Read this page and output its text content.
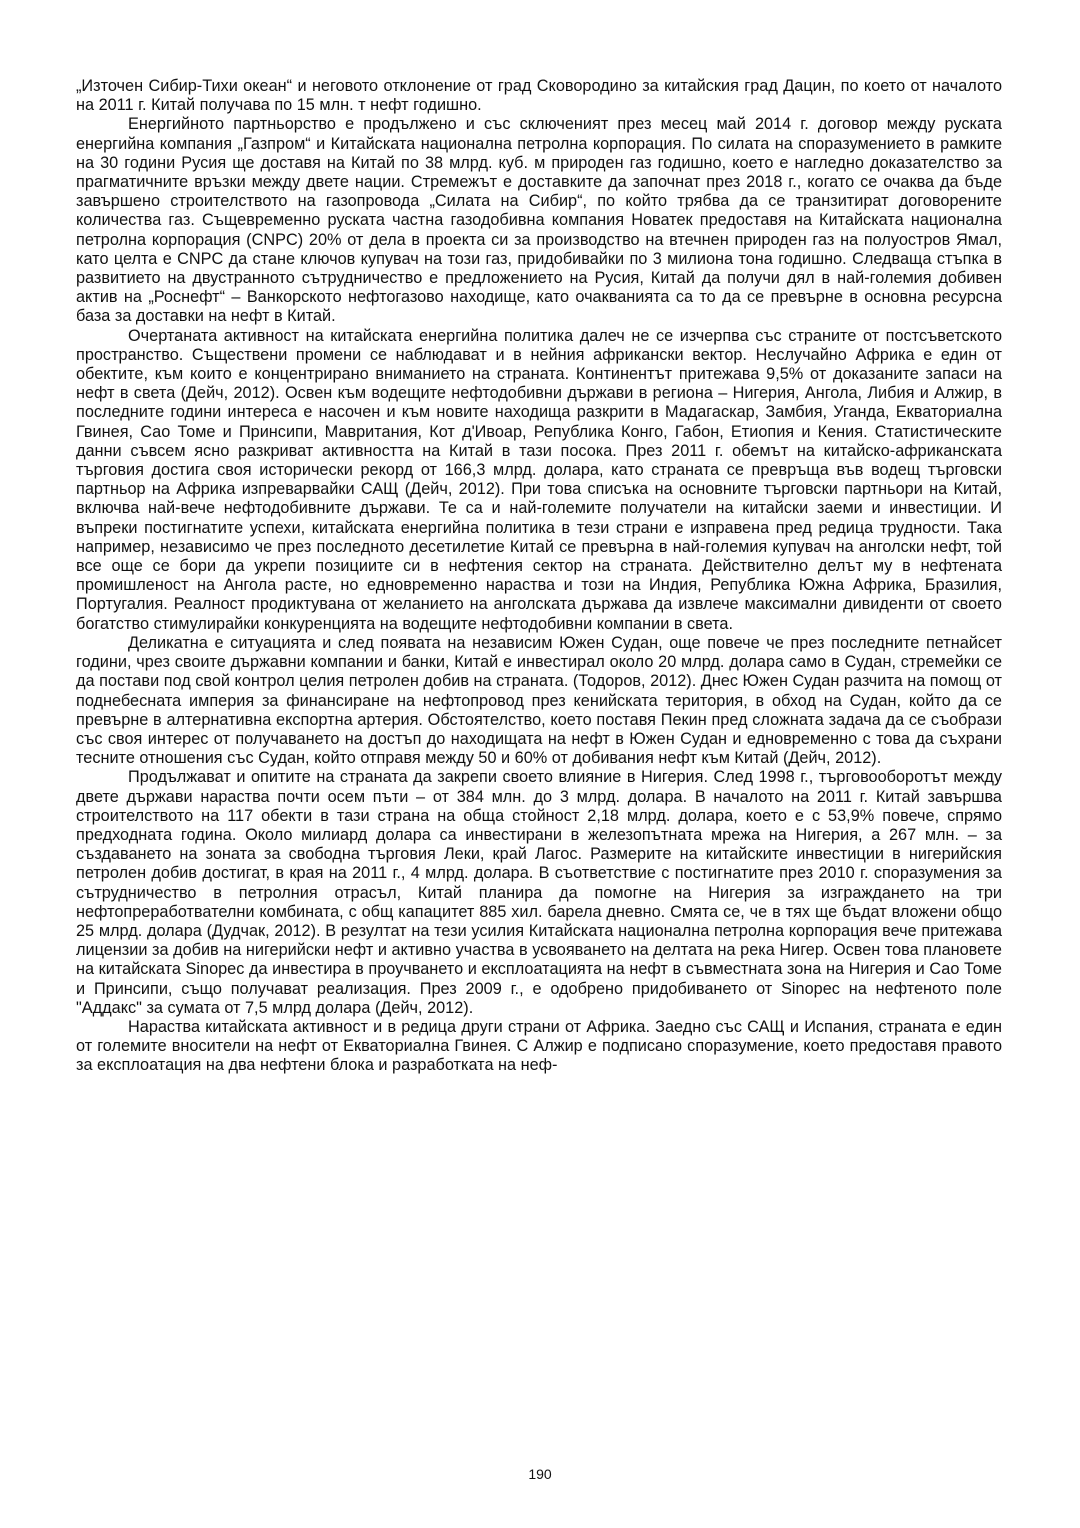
„Източен Сибир-Тихи океан“ и неговото отклонение от град Сковородино за китайския град Дацин, по което от началото на 2011 г. Китай получава по 15 млн. т нефт годишно.

Енергийното партньорство е продължено и със сключеният през месец май 2014 г. договор между руската енергийна компания „Газпром“ и Китайската национална петролна корпорация. По силата на споразумението в рамките на 30 години Русия ще доставя на Китай по 38 млрд. куб. м природен газ годишно, което е нагледно доказателство за прагматичните връзки между двете нации. Стремежът е доставките да започнат през 2018 г., когато се очаква да бъде завършено строителството на газопровода „Силата на Сибир“, по който трябва да се транзитират договорените количества газ. Същевременно руската частна газодобивна компания Новатек предоставя на Китайската национална петролна корпорация (CNPC) 20% от дела в проекта си за производство на втечнен природен газ на полуостров Ямал, като целта е CNPC да стане ключов купувач на този газ, придобивайки по 3 милиона тона годишно. Следваща стъпка в развитието на двустранното сътрудничество е предложението на Русия, Китай да получи дял в най-големия добивен актив на „Роснефт“ – Ванкорското нефтогазово находище, като очакванията са то да се превърне в основна ресурсна база за доставки на нефт в Китай.

Очертаната активност на китайската енергийна политика далеч не се изчерпва със страните от постсъветското пространство. Съществени промени се наблюдават и в нейния африкански вектор. Неслучайно Африка е един от обектите, към които е концентрирано вниманието на страната. Континентът притежава 9,5% от доказаните запаси на нефт в света (Дейч, 2012). Освен към водещите нефтодобивни държави в региона – Нигерия, Ангола, Либия и Алжир, в последните години интереса е насочен и към новите находища разкрити в Мадагаскар, Замбия, Уганда, Екваториална Гвинея, Сао Томе и Принсипи, Мавритания, Кот д'Ивоар, Република Конго, Габон, Етиопия и Кения. Статистическите данни съвсем ясно разкриват активността на Китай в тази посока. През 2011 г. обемът на китайско-африканската търговия достига своя исторически рекорд от 166,3 млрд. долара, като страната се превръща във водещ търговски партньор на Африка изпреварвайки САЩ (Дейч, 2012). При това списъка на основните търговски партньори на Китай, включва най-вече нефтодобивните държави. Те са и най-големите получатели на китайски заеми и инвестиции. И въпреки постигнатите успехи, китайската енергийна политика в тези страни е изправена пред редица трудности. Така например, независимо че през последното десетилетие Китай се превърна в най-големия купувач на анголски нефт, той все още се бори да укрепи позициите си в нефтения сектор на страната. Действително делът му в нефтената промишленост на Ангола расте, но едновременно нараства и този на Индия, Република Южна Африка, Бразилия, Португалия. Реалност продиктувана от желанието на анголската държава да извлече максимални дивиденти от своето богатство стимулирайки конкуренцията на водещите нефтодобивни компании в света.

Деликатна е ситуацията и след появата на независим Южен Судан, още повече че през последните петнайсет години, чрез своите държавни компании и банки, Китай е инвестирал около 20 млрд. долара само в Судан, стремейки се да постави под свой контрол целия петролен добив на страната. (Тодоров, 2012). Днес Южен Судан разчита на помощ от поднебесната империя за финансиране на нефтопровод през кенийската територия, в обход на Судан, който да се превърне в алтернативна експортна артерия. Обстоятелство, което поставя Пекин пред сложната задача да се съобрази със своя интерес от получаването на достъп до находищата на нефт в Южен Судан и едновременно с това да съхрани тесните отношения със Судан, който отправя между 50 и 60% от добивания нефт към Китай (Дейч, 2012).

Продължават и опитите на страната да закрепи своето влияние в Нигерия. След 1998 г., търговооборотът между двете държави нараства почти осем пъти – от 384 млн. до 3 млрд. долара. В началото на 2011 г. Китай завършва строителството на 117 обекти в тази страна на обща стойност 2,18 млрд. долара, което е с 53,9% повече, спрямо предходната година. Около милиард долара са инвестирани в железопътната мрежа на Нигерия, а 267 млн. – за създаването на зоната за свободна търговия Леки, край Лагос. Размерите на китайските инвестиции в нигерийския петролен добив достигат, в края на 2011 г., 4 млрд. долара. В съответствие с постигнатите през 2010 г. споразумения за сътрудничество в петролния отрасъл, Китай планира да помогне на Нигерия за изграждането на три нефтопреработвателни комбината, с общ капацитет 885 хил. барела дневно. Смята се, че в тях ще бъдат вложени общо 25 млрд. долара (Дудчак, 2012). В резултат на тези усилия Китайската национална петролна корпорация вече притежава лицензии за добив на нигерийски нефт и активно участва в усвояването на делтата на река Нигер. Освен това плановете на китайската Sinopec да инвестира в проучването и експлоатацията на нефт в съвместната зона на Нигерия и Сао Томе и Принсипи, също получават реализация. През 2009 г., е одобрено придобиването от Sinopec на нефтеното поле "Аддакс" за сумата от 7,5 млрд долара (Дейч, 2012).

Нараства китайската активност и в редица други страни от Африка. Заедно със САЩ и Испания, страната е един от големите вносители на нефт от Екваториална Гвинея. С Алжир е подписано споразумение, което предоставя правото за експлоатация на два нефтени блока и разработката на неф-

190
